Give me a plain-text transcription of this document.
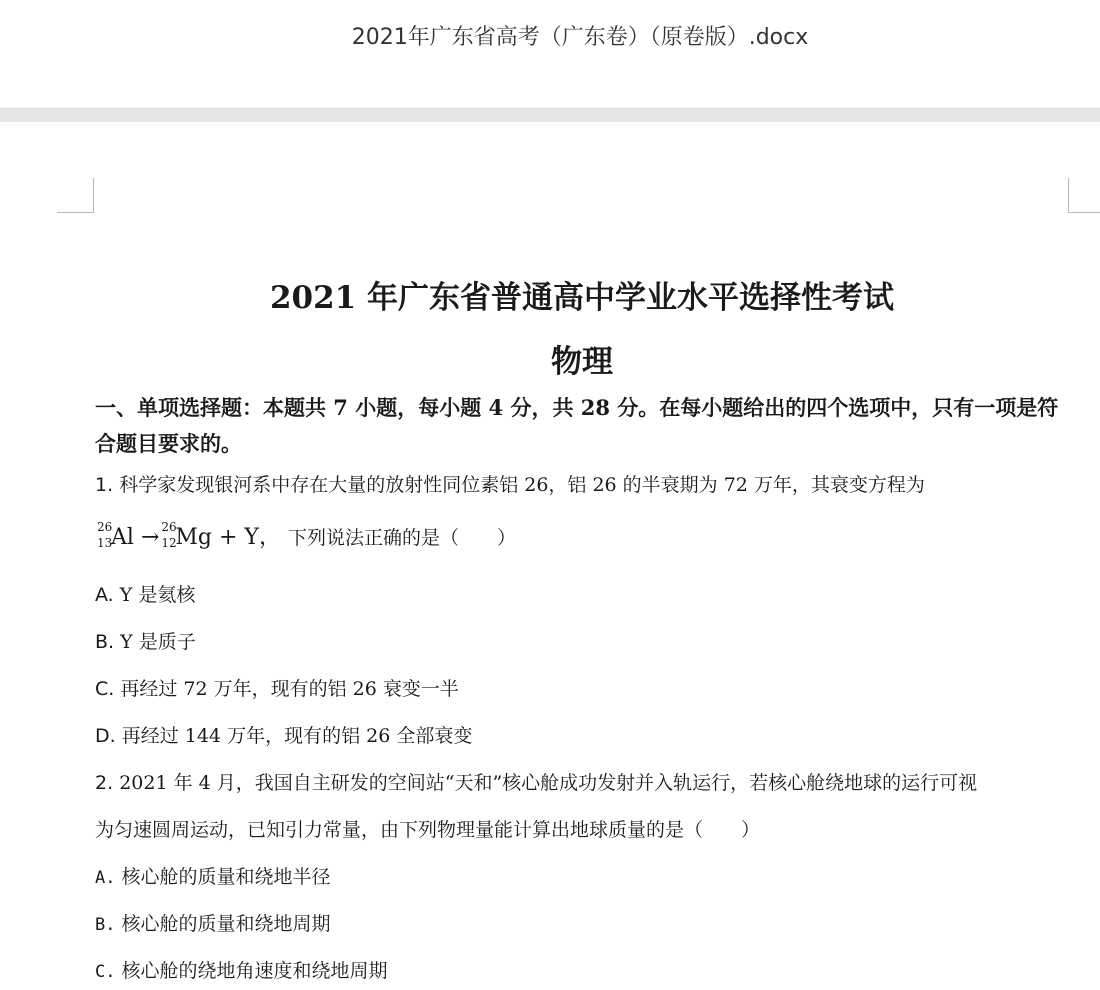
2021年广东省高考（广东卷）（原卷版）.docx
2021 年广东省普通高中学业水平选择性考试
物理
一、单项选择题：本题共 7 小题，每小题 4 分，共 28 分。在每小题给出的四个选项中，只有一项是符合题目要求的。
1. 科学家发现银河系中存在大量的放射性同位素铝 26，铝 26 的半衰期为 72 万年，其衰变方程为
26
13
Al → 26
12
Mg + Y， 下列说法正确的是（　　）
A. Y 是氦核
B. Y 是质子
C. 再经过 72 万年，现有的铝 26 衰变一半
D. 再经过 144 万年，现有的铝 26 全部衰变
2. 2021 年 4 月，我国自主研发的空间站“天和”核心舱成功发射并入轨运行，若核心舱绕地球的运行可视
为匀速圆周运动，已知引力常量，由下列物理量能计算出地球质量的是（　　）
A. 核心舱的质量和绕地半径
B. 核心舱的质量和绕地周期
C. 核心舱的绕地角速度和绕地周期
